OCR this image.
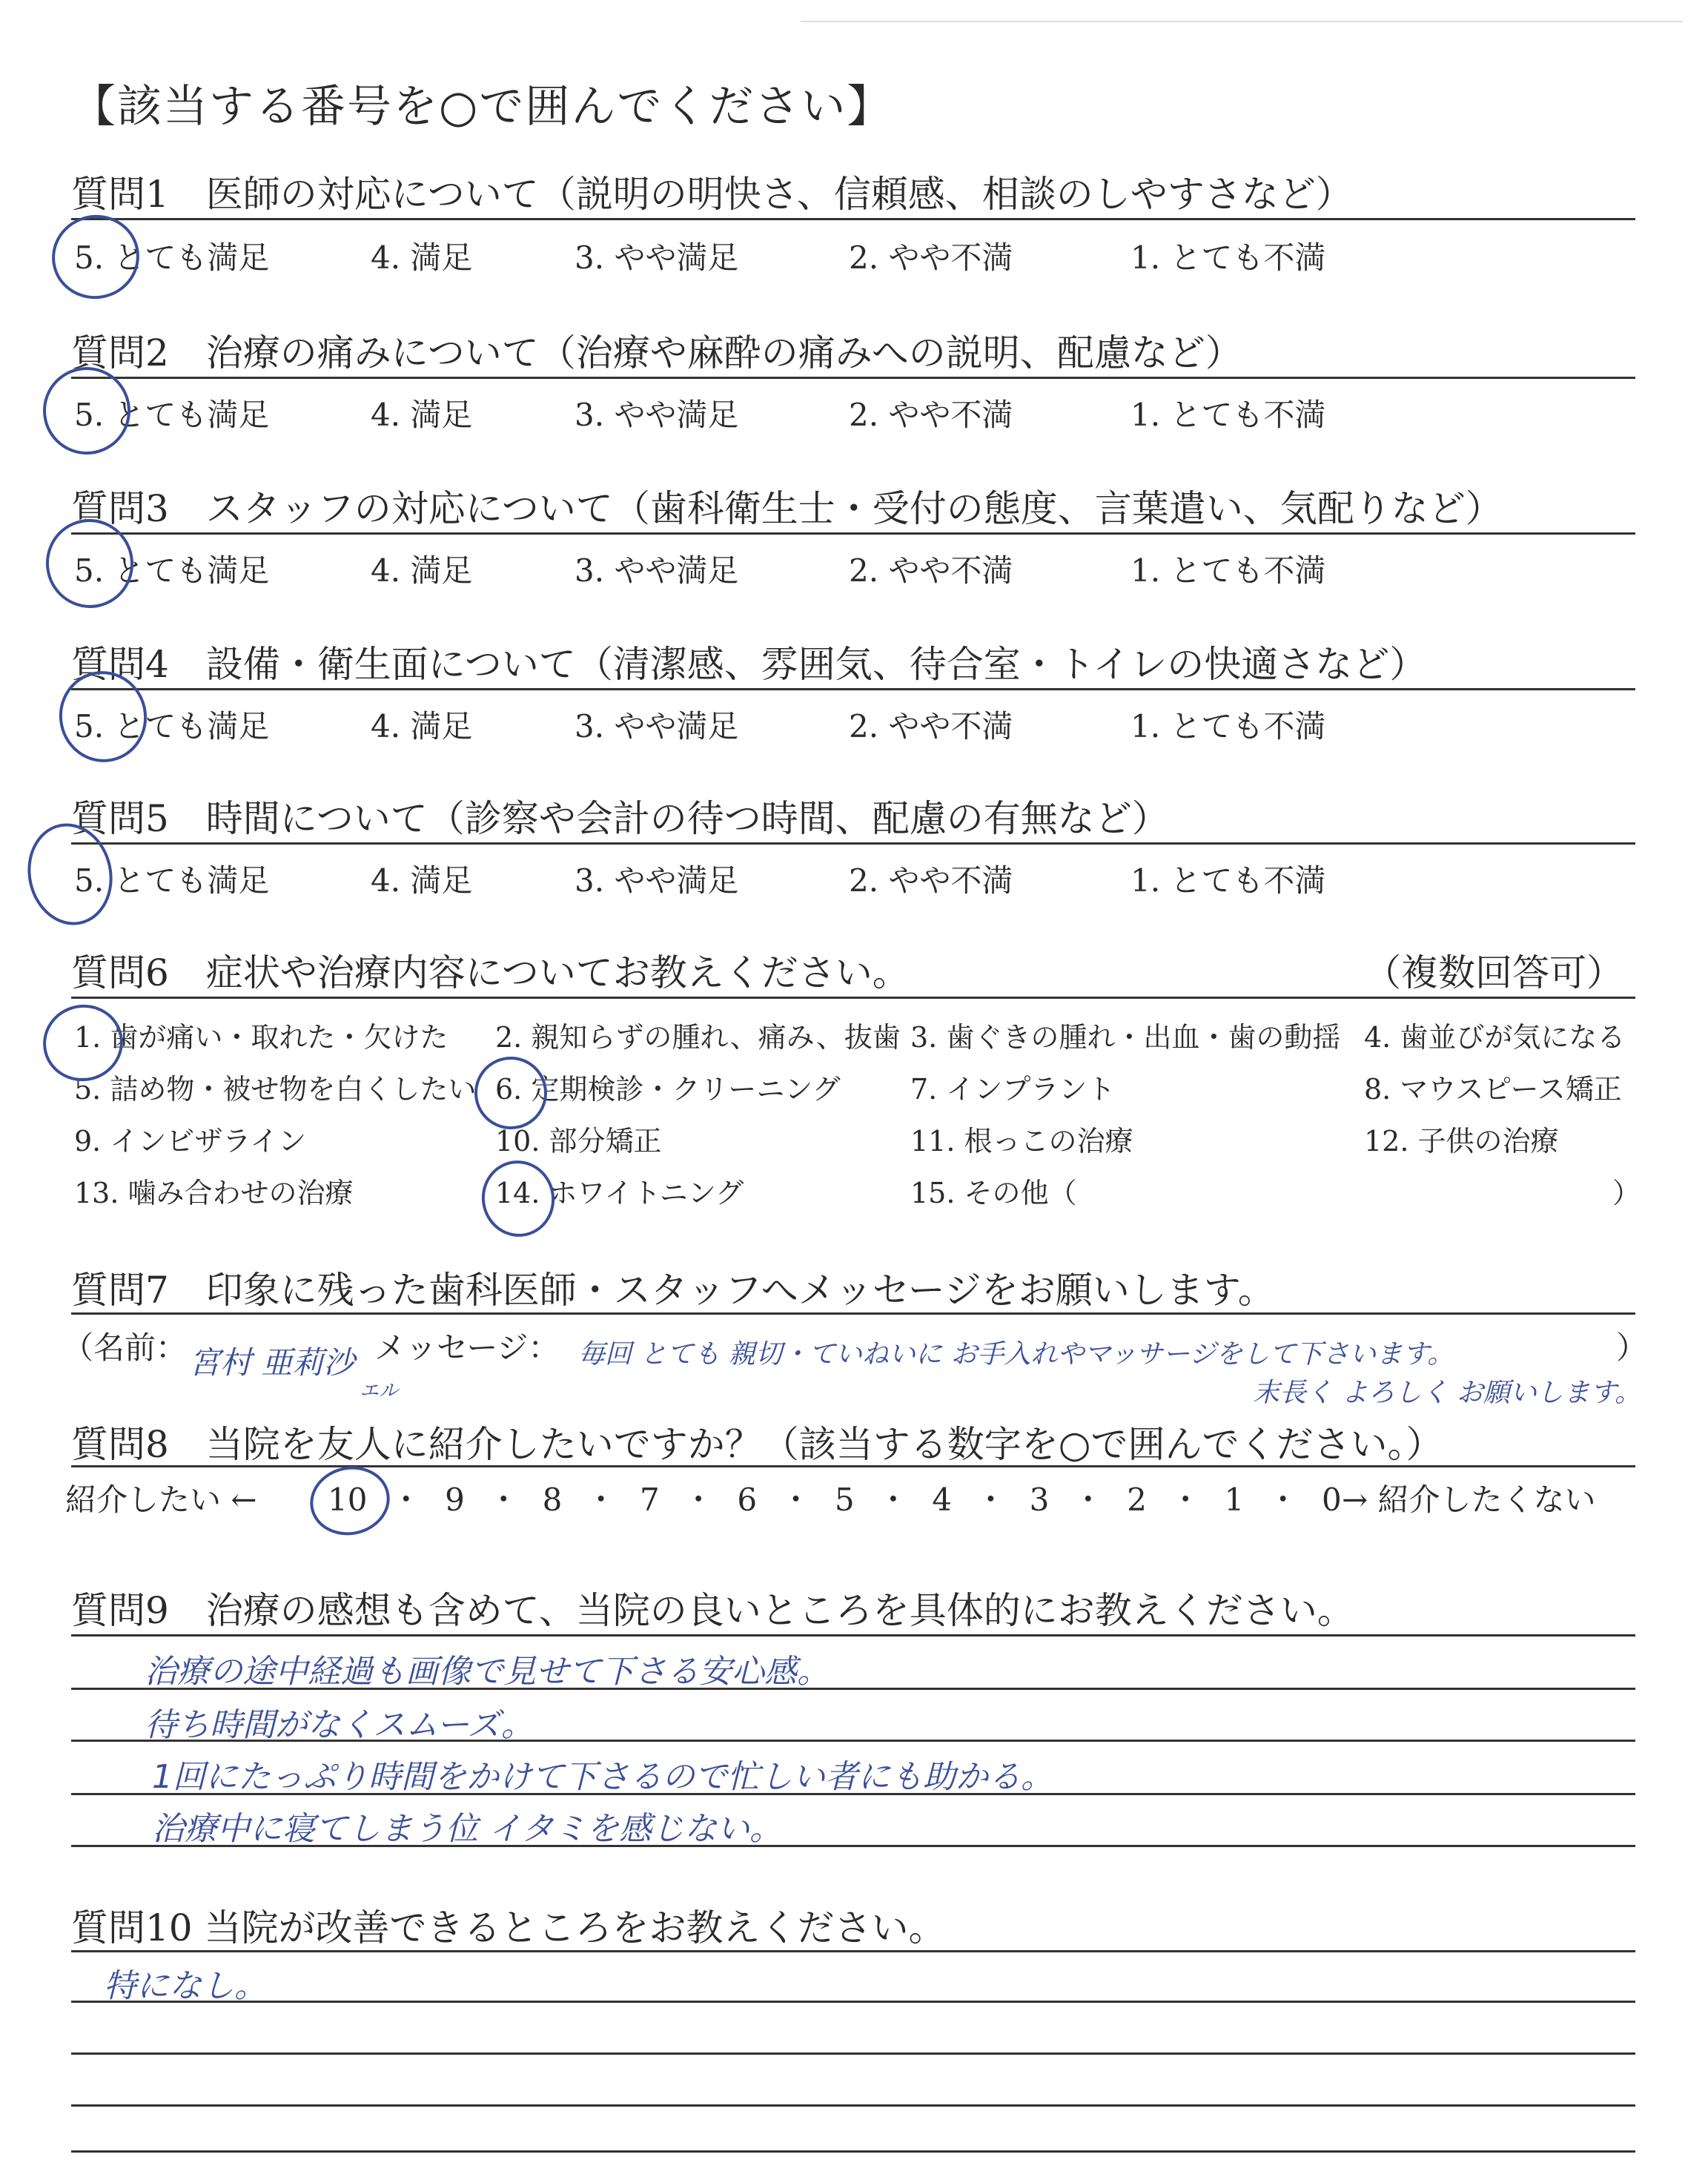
【該当する番号を○で囲んでください】
質問1　医師の対応について（説明の明快さ、信頼感、相談のしやすさなど）
5. とても満足	4. 満足	3. やや満足	2. やや不満	1. とても不満
質問2　治療の痛みについて（治療や麻酔の痛みへの説明、配慮など）
5. とても満足	4. 満足	3. やや満足	2. やや不満	1. とても不満
質問3　スタッフの対応について（歯科衛生士・受付の態度、言葉遣い、気配りなど）
5. とても満足	4. 満足	3. やや満足	2. やや不満	1. とても不満
質問4　設備・衛生面について（清潔感、雰囲気、待合室・トイレの快適さなど）
5. とても満足	4. 満足	3. やや満足	2. やや不満	1. とても不満
質問5　時間について（診察や会計の待つ時間、配慮の有無など）
5. とても満足	4. 満足	3. やや満足	2. やや不満	1. とても不満
質問6　症状や治療内容についてお教えください。	（複数回答可）
1. 歯が痛い・取れた・欠けた 2. 親知らずの腫れ、痛み、抜歯 3. 歯ぐきの腫れ・出血・歯の動揺 4. 歯並びが気になる
5. 詰め物・被せ物を白くしたい 6. 定期検診・クリーニング 7. インプラント	8. マウスピース矯正
9. インビザライン	10. 部分矯正	11. 根っこの治療	12. 子供の治療
13. 噛み合わせの治療	14. ホワイトニング	15. その他（	）
質問7　印象に残った歯科医師・スタッフへメッセージをお願いします。
（名前：	メッセージ：	）
宮村 亜莉沙
エル
毎回 とても 親切・ていねいに お手入れやマッサージをして下さいます。
末長く よろしく お願いします。
質問8　当院を友人に紹介したいですか？（該当する数字を○で囲んでください。）
紹介したい ← 10 ・ 9 ・ 8 ・ 7 ・ 6 ・ 5 ・ 4 ・ 3 ・ 2 ・ 1 ・ 0 → 紹介したくない
質問9　治療の感想も含めて、当院の良いところを具体的にお教えください。
治療の途中経過も画像で見せて下さる安心感。
待ち時間がなくスムーズ。
1回にたっぷり時間をかけて下さるので忙しい者にも助かる。
治療中に寝てしまう位 イタミを感じない。
質問10 当院が改善できるところをお教えください。
特になし。
